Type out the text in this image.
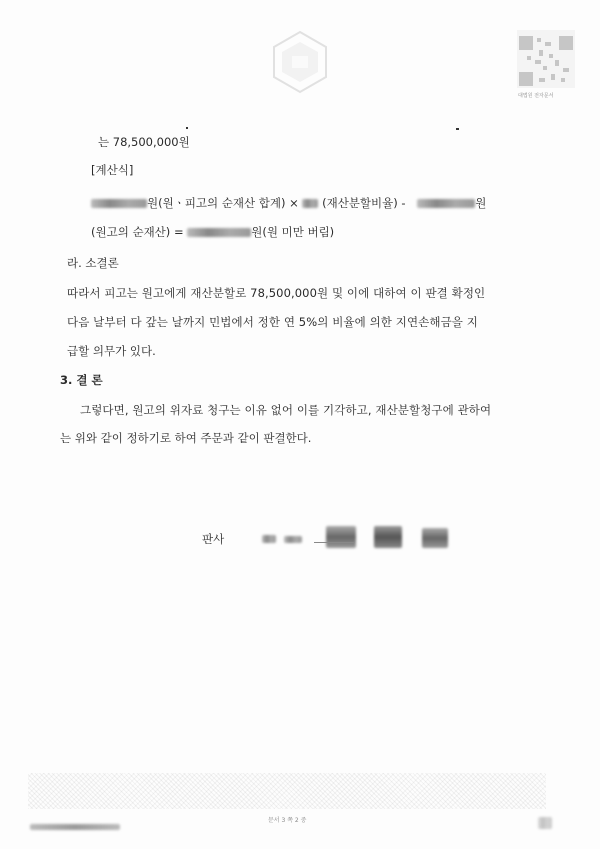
대법원 전자문서
는 78,500,000원
[계산식]
원(원ㆍ피고의 순재산 합계) × (재산분할비율) -	원
(원고의 순재산) =	원(원 미만 버림)
라. 소결론
따라서 피고는 원고에게 재산분할로 78,500,000원 및 이에 대하여 이 판결 확정인
다음 날부터 다 갚는 날까지 민법에서 정한 연 5%의 비율에 의한 지연손해금을 지
급할 의무가 있다.
3. 결 론
그렇다면, 원고의 위자료 청구는 이유 없어 이를 기각하고, 재산분할청구에 관하여
는 위와 같이 정하기로 하여 주문과 같이 판결한다.
판사
문서 3 쪽 2 중
